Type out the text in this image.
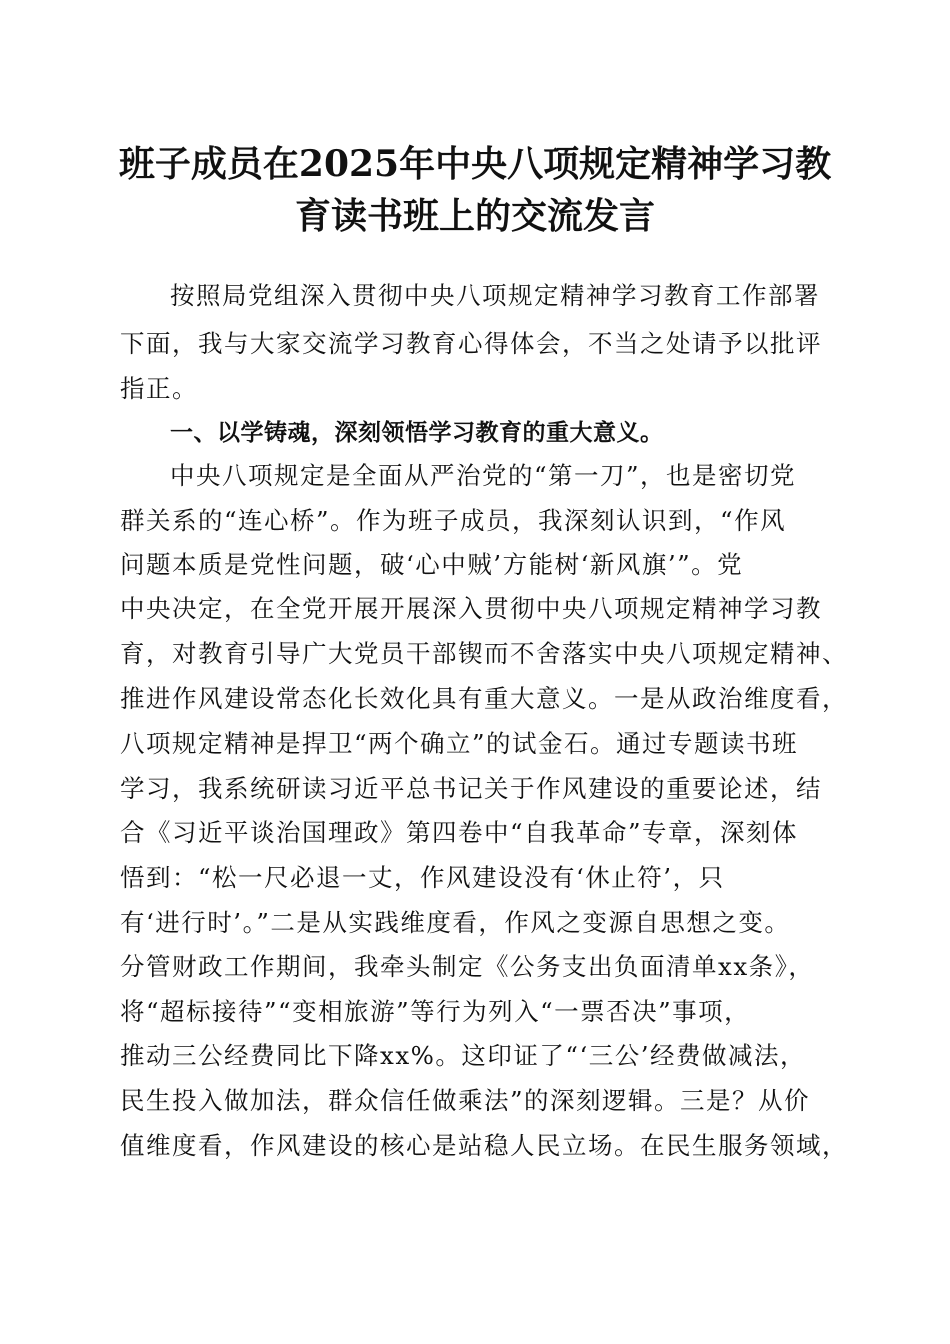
班子成员在2025年中央八项规定精神学习教
育读书班上的交流发言
按照局党组深入贯彻中央八项规定精神学习教育工作部署
下面，我与大家交流学习教育心得体会，不当之处请予以批评
指正。
一、以学铸魂，深刻领悟学习教育的重大意义。
中央八项规定是全面从严治党的“第一刀”，也是密切党
群关系的“连心桥”。作为班子成员，我深刻认识到，“作风
问题本质是党性问题，破‘心中贼’方能树‘新风旗’”。党
中央决定，在全党开展开展深入贯彻中央八项规定精神学习教
育，对教育引导广大党员干部锲而不舍落实中央八项规定精神、
推进作风建设常态化长效化具有重大意义。一是从政治维度看，
八项规定精神是捍卫“两个确立”的试金石。通过专题读书班
学习，我系统研读习近平总书记关于作风建设的重要论述，结
合《习近平谈治国理政》第四卷中“自我革命”专章，深刻体
悟到：“松一尺必退一丈，作风建设没有‘休止符’，只
有‘进行时’。”二是从实践维度看，作风之变源自思想之变。
分管财政工作期间，我牵头制定《公务支出负面清单xx条》，
将“超标接待”“变相旅游”等行为列入“一票否决”事项，
推动三公经费同比下降xx%。这印证了“‘三公’经费做减法，
民生投入做加法，群众信任做乘法”的深刻逻辑。三是？从价
值维度看，作风建设的核心是站稳人民立场。在民生服务领域，
